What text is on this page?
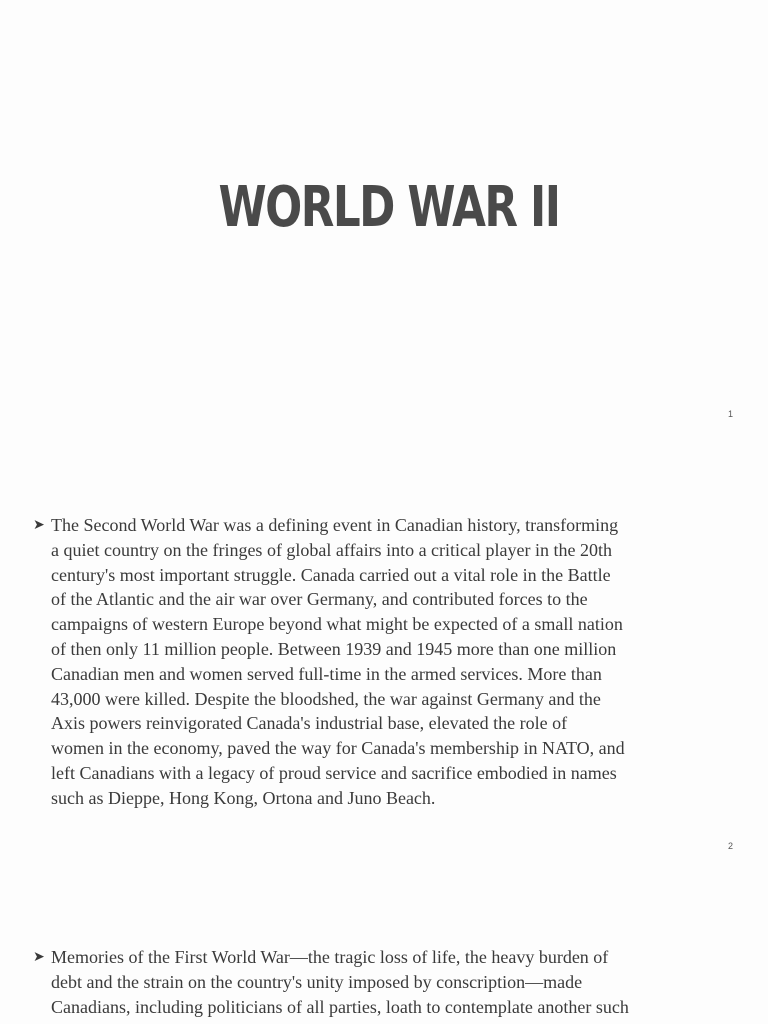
WORLD WAR II
1
➤ The Second World War was a defining event in Canadian history, transforming
a quiet country on the fringes of global affairs into a critical player in the 20th
century's most important struggle. Canada carried out a vital role in the Battle
of the Atlantic and the air war over Germany, and contributed forces to the
campaigns of western Europe beyond what might be expected of a small nation
of then only 11 million people. Between 1939 and 1945 more than one million
Canadian men and women served full-time in the armed services. More than
43,000 were killed. Despite the bloodshed, the war against Germany and the
Axis powers reinvigorated Canada's industrial base, elevated the role of
women in the economy, paved the way for Canada's membership in NATO, and
left Canadians with a legacy of proud service and sacrifice embodied in names
such as Dieppe, Hong Kong, Ortona and Juno Beach.
2
➤ Memories of the First World War—the tragic loss of life, the heavy burden of
debt and the strain on the country's unity imposed by conscription—made
Canadians, including politicians of all parties, loath to contemplate another such
